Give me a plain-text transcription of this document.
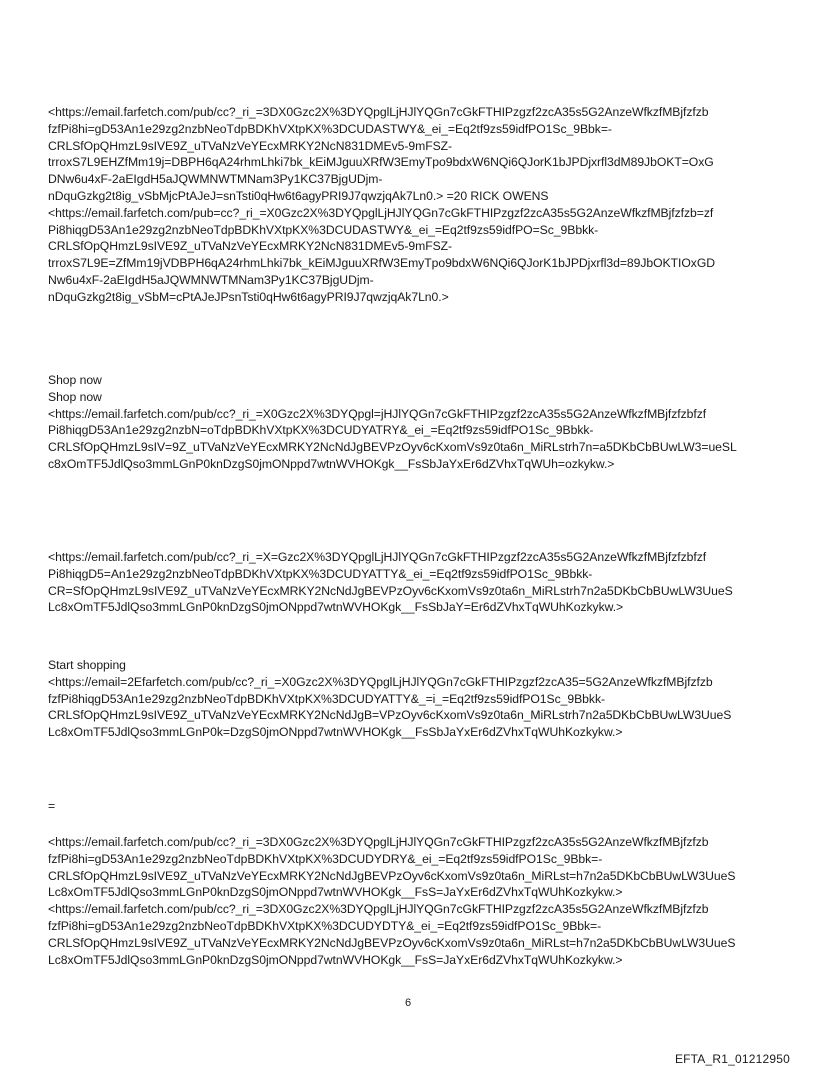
<https://email.farfetch.com/pub/cc?_ri_=3DX0Gzc2X%3DYQpglLjHJlYQGn7cGkFTHIPzgzf2zcA35s5G2AnzeWfkzfMBjfzfzb
fzfPi8hi=gD53An1e29zg2nzbNeoTdpBDKhVXtpKX%3DCUDASTWY&_ei_=Eq2tf9zs59idfPO1Sc_9Bbk=-
CRLSfOpQHmzL9sIVE9Z_uTVaNzVeYEcxMRKY2NcN831DMEv5-9mFSZ-
trroxS7L9EHZfMm19j=DBPH6qA24rhmLhki7bk_kEiMJguuXRfW3EmyTpo9bdxW6NQi6QJorK1bJPDjxrfl3dM89JbOKT=OxG
DNw6u4xF-2aEIgdH5aJQWMNWTMNam3Py1KC37BjgUDjm-
nDquGzkg2t8ig_vSbMjcPtAJeJ=snTsti0qHw6t6agyPRI9J7qwzjqAk7Ln0.> =20 RICK OWENS
<https://email.farfetch.com/pub=cc?_ri_=X0Gzc2X%3DYQpglLjHJlYQGn7cGkFTHIPzgzf2zcA35s5G2AnzeWfkzfMBjfzfzb=zf
Pi8hiqgD53An1e29zg2nzbNeoTdpBDKhVXtpKX%3DCUDASTWY&_ei_=Eq2tf9zs59idfPO=Sc_9Bbkk-
CRLSfOpQHmzL9sIVE9Z_uTVaNzVeYEcxMRKY2NcN831DMEv5-9mFSZ-
trroxS7L9E=ZfMm19jVDBPH6qA24rhmLhki7bk_kEiMJguuXRfW3EmyTpo9bdxW6NQi6QJorK1bJPDjxrfl3d=89JbOKTIOxGD
Nw6u4xF-2aEIgdH5aJQWMNWTMNam3Py1KC37BjgUDjm-
nDquGzkg2t8ig_vSbM=cPtAJeJPsnTsti0qHw6t6agyPRI9J7qwzjqAk7Ln0.>
Shop now
Shop now
<https://email.farfetch.com/pub/cc?_ri_=X0Gzc2X%3DYQpgl=jHJlYQGn7cGkFTHIPzgzf2zcA35s5G2AnzeWfkzfMBjfzfzbfzf
Pi8hiqgD53An1e29zg2nzbN=oTdpBDKhVXtpKX%3DCUDYATRY&_ei_=Eq2tf9zs59idfPO1Sc_9Bbkk-
CRLSfOpQHmzL9sIV=9Z_uTVaNzVeYEcxMRKY2NcNdJgBEVPzOyv6cKxomVs9z0ta6n_MiRLstrh7n=a5DKbCbBUwLW3=ueSL
c8xOmTF5JdlQso3mmLGnP0knDzgS0jmONppd7wtnWVHOKgk__FsSbJaYxEr6dZVhxTqWUh=ozkykw.>
<https://email.farfetch.com/pub/cc?_ri_=X=Gzc2X%3DYQpglLjHJlYQGn7cGkFTHIPzgzf2zcA35s5G2AnzeWfkzfMBjfzfzbfzf
Pi8hiqgD5=An1e29zg2nzbNeoTdpBDKhVXtpKX%3DCUDYATTY&_ei_=Eq2tf9zs59idfPO1Sc_9Bbkk-
CR=SfOpQHmzL9sIVE9Z_uTVaNzVeYEcxMRKY2NcNdJgBEVPzOyv6cKxomVs9z0ta6n_MiRLstrh7n2a5DKbCbBUwLW3UueS
Lc8xOmTF5JdlQso3mmLGnP0knDzgS0jmONppd7wtnWVHOKgk__FsSbJaY=Er6dZVhxTqWUhKozkykw.>
Start shopping
<https://email=2Efarfetch.com/pub/cc?_ri_=X0Gzc2X%3DYQpglLjHJlYQGn7cGkFTHIPzgzf2zcA35=5G2AnzeWfkzfMBjfzfzb
fzfPi8hiqgD53An1e29zg2nzbNeoTdpBDKhVXtpKX%3DCUDYATTY&_=i_=Eq2tf9zs59idfPO1Sc_9Bbkk-
CRLSfOpQHmzL9sIVE9Z_uTVaNzVeYEcxMRKY2NcNdJgB=VPzOyv6cKxomVs9z0ta6n_MiRLstrh7n2a5DKbCbBUwLW3UueS
Lc8xOmTF5JdlQso3mmLGnP0k=DzgS0jmONppd7wtnWVHOKgk__FsSbJaYxEr6dZVhxTqWUhKozkykw.>
=
<https://email.farfetch.com/pub/cc?_ri_=3DX0Gzc2X%3DYQpglLjHJlYQGn7cGkFTHIPzgzf2zcA35s5G2AnzeWfkzfMBjfzfzb
fzfPi8hi=gD53An1e29zg2nzbNeoTdpBDKhVXtpKX%3DCUDYDRY&_ei_=Eq2tf9zs59idfPO1Sc_9Bbk=-
CRLSfOpQHmzL9sIVE9Z_uTVaNzVeYEcxMRKY2NcNdJgBEVPzOyv6cKxomVs9z0ta6n_MiRLst=h7n2a5DKbCbBUwLW3UueS
Lc8xOmTF5JdlQso3mmLGnP0knDzgS0jmONppd7wtnWVHOKgk__FsS=JaYxEr6dZVhxTqWUhKozkykw.>
<https://email.farfetch.com/pub/cc?_ri_=3DX0Gzc2X%3DYQpglLjHJlYQGn7cGkFTHIPzgzf2zcA35s5G2AnzeWfkzfMBjfzfzb
fzfPi8hi=gD53An1e29zg2nzbNeoTdpBDKhVXtpKX%3DCUDYDTY&_ei_=Eq2tf9zs59idfPO1Sc_9Bbk=-
CRLSfOpQHmzL9sIVE9Z_uTVaNzVeYEcxMRKY2NcNdJgBEVPzOyv6cKxomVs9z0ta6n_MiRLst=h7n2a5DKbCbBUwLW3UueS
Lc8xOmTF5JdlQso3mmLGnP0knDzgS0jmONppd7wtnWVHOKgk__FsS=JaYxEr6dZVhxTqWUhKozkykw.>
6
EFTA_R1_01212950
